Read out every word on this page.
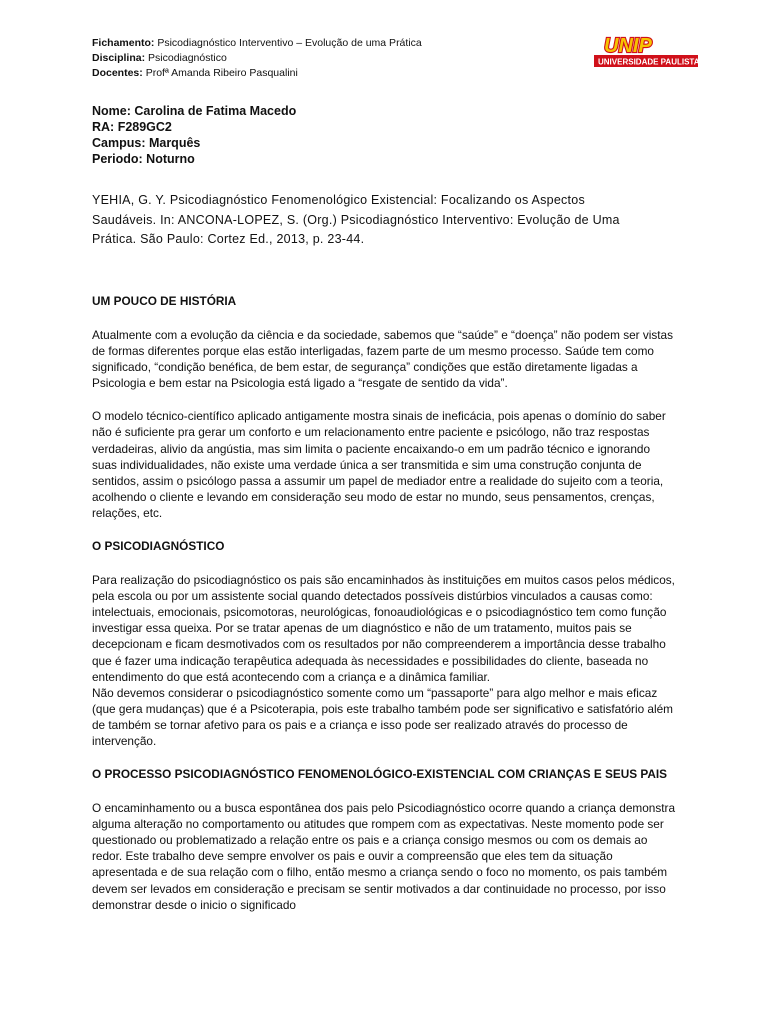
Fichamento: Psicodiagnóstico Interventivo – Evolução de uma Prática
Disciplina: Psicodiagnóstico
Docentes: Profª Amanda Ribeiro Pasqualini
UNIVERSIDADE PAULISTA
UNIP
Nome: Carolina de Fatima Macedo
RA: F289GC2
Campus: Marquês
Periodo: Noturno
YEHIA, G. Y. Psicodiagnóstico Fenomenológico Existencial: Focalizando os Aspectos Saudáveis. In: ANCONA-LOPEZ, S. (Org.) Psicodiagnóstico Interventivo: Evolução de Uma Prática. São Paulo: Cortez Ed., 2013, p. 23-44.
UM POUCO DE HISTÓRIA

Atualmente com a evolução da ciência e da sociedade, sabemos que “saúde” e “doença” não podem ser vistas de formas diferentes porque elas estão interligadas, fazem parte de um mesmo processo. Saúde tem como significado, “condição benéfica, de bem estar, de segurança” condições que estão diretamente ligadas a Psicologia e bem estar na Psicologia está ligado a “resgate de sentido da vida”.

O modelo técnico-científico aplicado antigamente mostra sinais de ineficácia, pois apenas o domínio do saber não é suficiente pra gerar um conforto e um relacionamento entre paciente e psicólogo, não traz respostas verdadeiras, alivio da angústia, mas sim limita o paciente encaixando-o em um padrão técnico e ignorando suas individualidades, não existe uma verdade única a ser transmitida e sim uma construção conjunta de sentidos, assim o psicólogo passa a assumir um papel de mediador entre a realidade do sujeito com a teoria, acolhendo o cliente e levando em consideração seu modo de estar no mundo, seus pensamentos, crenças, relações, etc.

O PSICODIAGNÓSTICO

Para realização do psicodiagnóstico os pais são encaminhados às instituições em muitos casos pelos médicos, pela escola ou por um assistente social quando detectados possíveis distúrbios vinculados a causas como: intelectuais, emocionais, psicomotoras, neurológicas, fonoaudiológicas e o psicodiagnóstico tem como função investigar essa queixa. Por se tratar apenas de um diagnóstico e não de um tratamento, muitos pais se decepcionam e ficam desmotivados com os resultados por não compreenderem a importância desse trabalho que é fazer uma indicação terapêutica adequada às necessidades e possibilidades do cliente, baseada no entendimento do que está acontecendo com a criança e a dinâmica familiar.

Não devemos considerar o psicodiagnóstico somente como um “passaporte” para algo melhor e mais eficaz (que gera mudanças) que é a Psicoterapia, pois este trabalho também pode ser significativo e satisfatório além de também se tornar afetivo para os pais e a criança e isso pode ser realizado através do processo de intervenção.

O PROCESSO PSICODIAGNÓSTICO FENOMENOLÓGICO-EXISTENCIAL COM CRIANÇAS E SEUS PAIS

O encaminhamento ou a busca espontânea dos pais pelo Psicodiagnóstico ocorre quando a criança demonstra alguma alteração no comportamento ou atitudes que rompem com as expectativas. Neste momento pode ser questionado ou problematizado a relação entre os pais e a criança consigo mesmos ou com os demais ao redor. Este trabalho deve sempre envolver os pais e ouvir a compreensão que eles tem da situação apresentada e de sua relação com o filho, então mesmo a criança sendo o foco no momento, os pais também devem ser levados em consideração e precisam se sentir motivados a dar continuidade no processo, por isso demonstrar desde o inicio o significado
